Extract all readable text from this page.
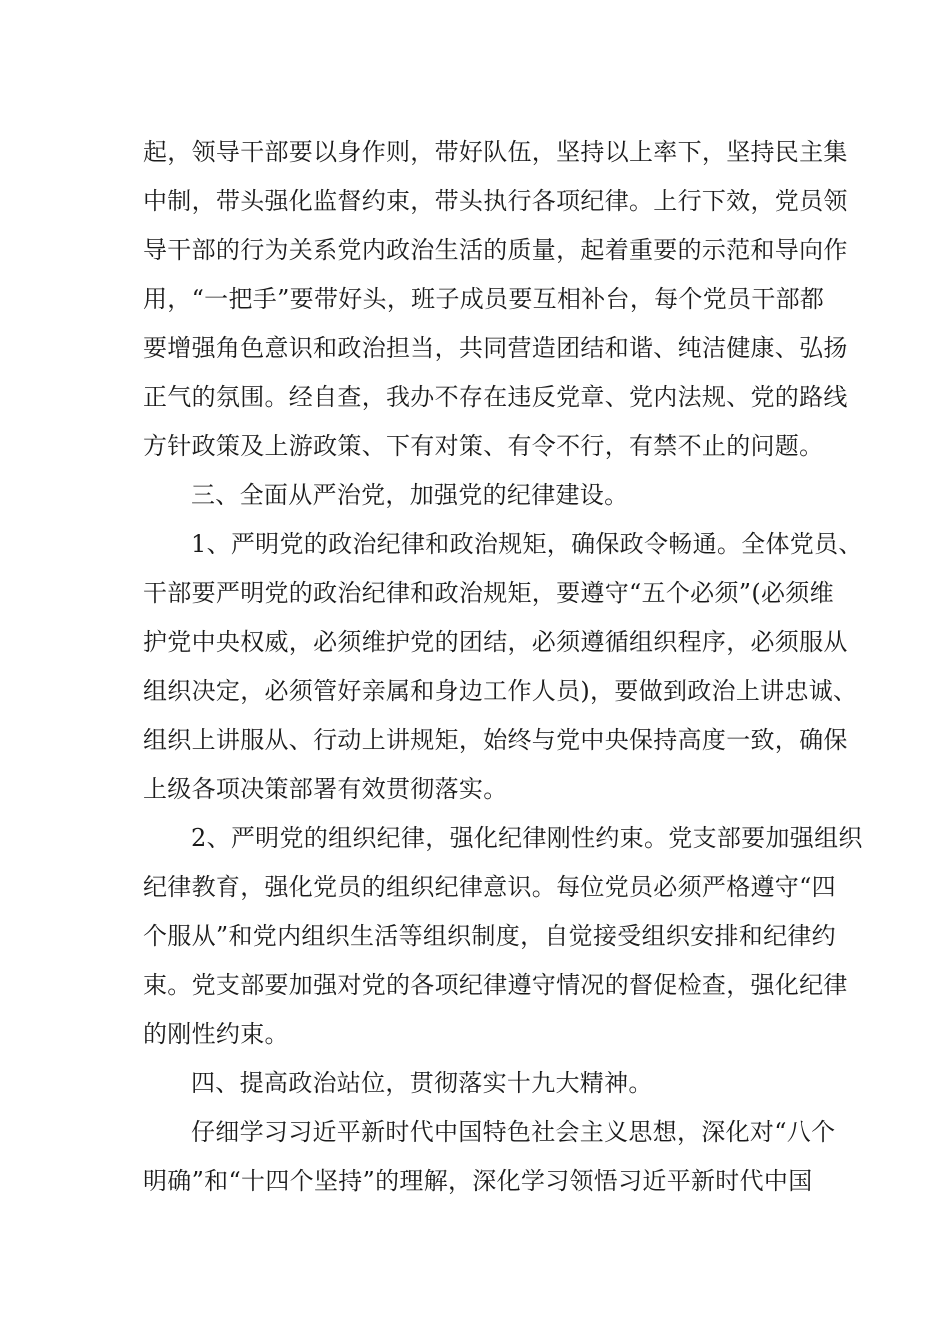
起，领导干部要以身作则，带好队伍，坚持以上率下，坚持民主集
中制，带头强化监督约束，带头执行各项纪律。上行下效，党员领
导干部的行为关系党内政治生活的质量，起着重要的示范和导向作
用，“一把手”要带好头，班子成员要互相补台，每个党员干部都
要增强角色意识和政治担当，共同营造团结和谐、纯洁健康、弘扬
正气的氛围。经自查，我办不存在违反党章、党内法规、党的路线
方针政策及上游政策、下有对策、有令不行，有禁不止的问题。
三、全面从严治党，加强党的纪律建设。
1、严明党的政治纪律和政治规矩，确保政令畅通。全体党员、
干部要严明党的政治纪律和政治规矩，要遵守“五个必须”(必须维
护党中央权威，必须维护党的团结，必须遵循组织程序，必须服从
组织决定，必须管好亲属和身边工作人员)，要做到政治上讲忠诚、
组织上讲服从、行动上讲规矩，始终与党中央保持高度一致，确保
上级各项决策部署有效贯彻落实。
2、严明党的组织纪律，强化纪律刚性约束。党支部要加强组织
纪律教育，强化党员的组织纪律意识。每位党员必须严格遵守“四
个服从”和党内组织生活等组织制度，自觉接受组织安排和纪律约
束。党支部要加强对党的各项纪律遵守情况的督促检查，强化纪律
的刚性约束。
四、提高政治站位，贯彻落实十九大精神。
仔细学习习近平新时代中国特色社会主义思想，深化对“八个
明确”和“十四个坚持”的理解，深化学习领悟习近平新时代中国
